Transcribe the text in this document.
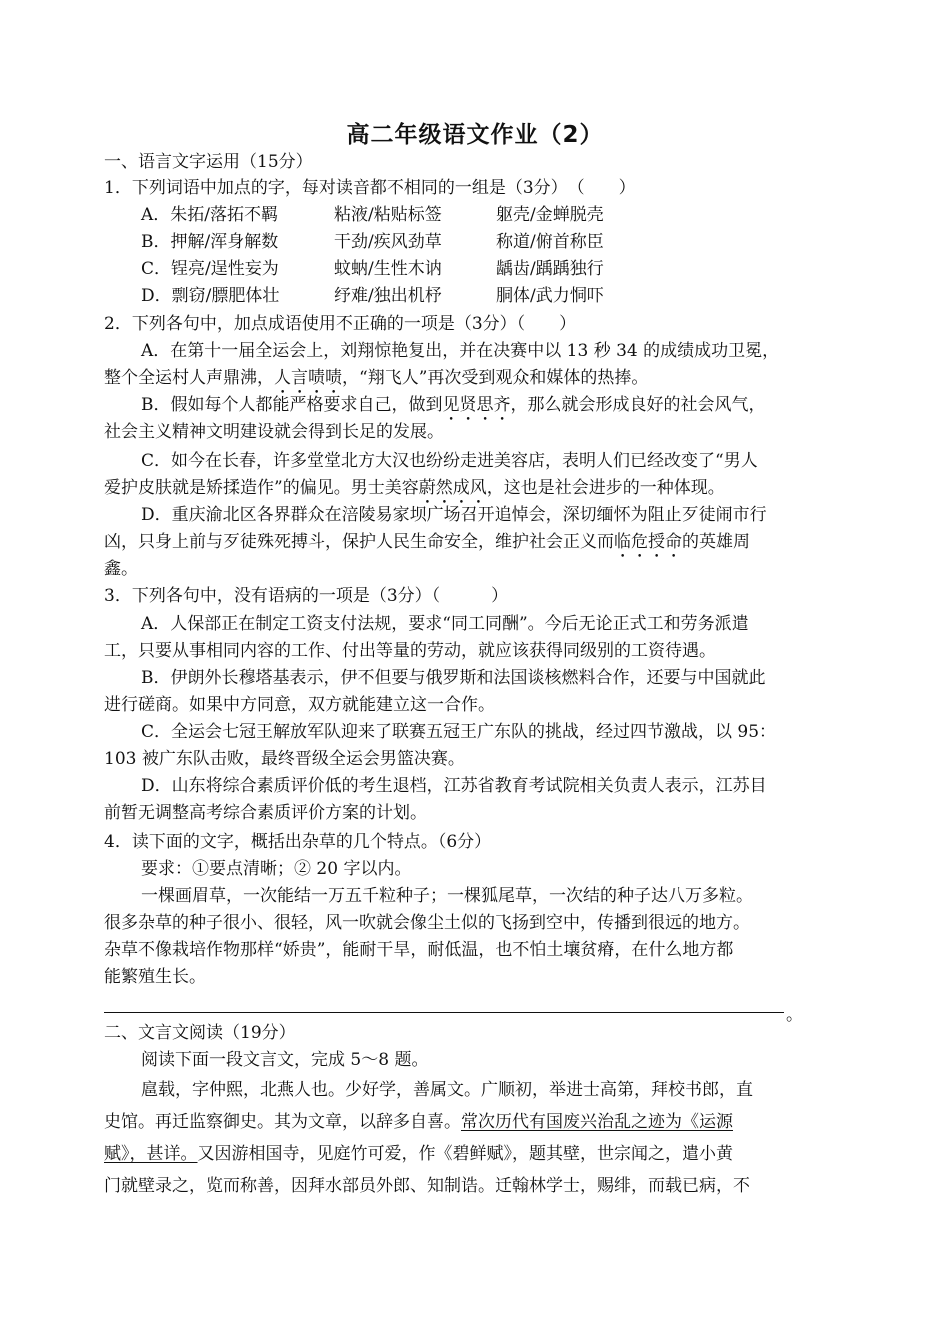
高二年级语文作业（2）
一、语言文字运用（15分）
1．下列词语中加点的字，每对读音都不相同的一组是（3分）　（　　）
A．朱拓/落拓不羁	粘液/粘贴标签	躯壳/金蝉脱壳
B．押解/浑身解数	干劲/疾风劲草	称道/俯首称臣
C．锃亮/逞性妄为	蚊蚋/生性木讷	龋齿/踽踽独行
D．剽窃/膘肥体壮	纾难/独出机杼	胴体/武力恫吓
2．下列各句中，加点成语使用不正确的一项是（3分）（　　）
A．在第十一届全运会上，刘翔惊艳复出，并在决赛中以 13 秒 34 的成绩成功卫冕，
整个全运村人声鼎沸，人言啧啧，“翔飞人”再次受到观众和媒体的热捧。
B．假如每个人都能严格要求自己，做到见贤思齐，那么就会形成良好的社会风气，
社会主义精神文明建设就会得到长足的发展。
C．如今在长春，许多堂堂北方大汉也纷纷走进美容店，表明人们已经改变了“男人
爱护皮肤就是矫揉造作”的偏见。男士美容蔚然成风，这也是社会进步的一种体现。
D．重庆渝北区各界群众在涪陵易家坝广场召开追悼会，深切缅怀为阻止歹徒闹市行
凶，只身上前与歹徒殊死搏斗，保护人民生命安全，维护社会正义而临危授命的英雄周
鑫。
3．下列各句中，没有语病的一项是（3分）（　　　）
A．人保部正在制定工资支付法规，要求“同工同酬”。今后无论正式工和劳务派遣
工，只要从事相同内容的工作、付出等量的劳动，就应该获得同级别的工资待遇。
B．伊朗外长穆塔基表示，伊不但要与俄罗斯和法国谈核燃料合作，还要与中国就此
进行磋商。如果中方同意，双方就能建立这一合作。
C．全运会七冠王解放军队迎来了联赛五冠王广东队的挑战，经过四节激战，以 95：
103 被广东队击败，最终晋级全运会男篮决赛。
D．山东将综合素质评价低的考生退档，江苏省教育考试院相关负责人表示，江苏目
前暂无调整高考综合素质评价方案的计划。
4．读下面的文字，概括出杂草的几个特点。（6分）
要求：①要点清晰；② 20 字以内。
一棵画眉草，一次能结一万五千粒种子；一棵狐尾草，一次结的种子达八万多粒。
很多杂草的种子很小、很轻，风一吹就会像尘土似的飞扬到空中，传播到很远的地方。
杂草不像栽培作物那样“娇贵”，能耐干旱，耐低温，也不怕土壤贫瘠，在什么地方都
能繁殖生长。
。
二、文言文阅读（19分）
阅读下面一段文言文，完成 5～8 题。
扈载，字仲熙，北燕人也。少好学，善属文。广顺初，举进士高第，拜校书郎，直
史馆。再迁监察御史。其为文章，以辞多自喜。常次历代有国废兴治乱之迹为《运源
赋》，甚详。又因游相国寺，见庭竹可爱，作《碧鲜赋》，题其壁，世宗闻之，遣小黄
门就壁录之，览而称善，因拜水部员外郎、知制诰。迁翰林学士，赐绯，而载已病，不
